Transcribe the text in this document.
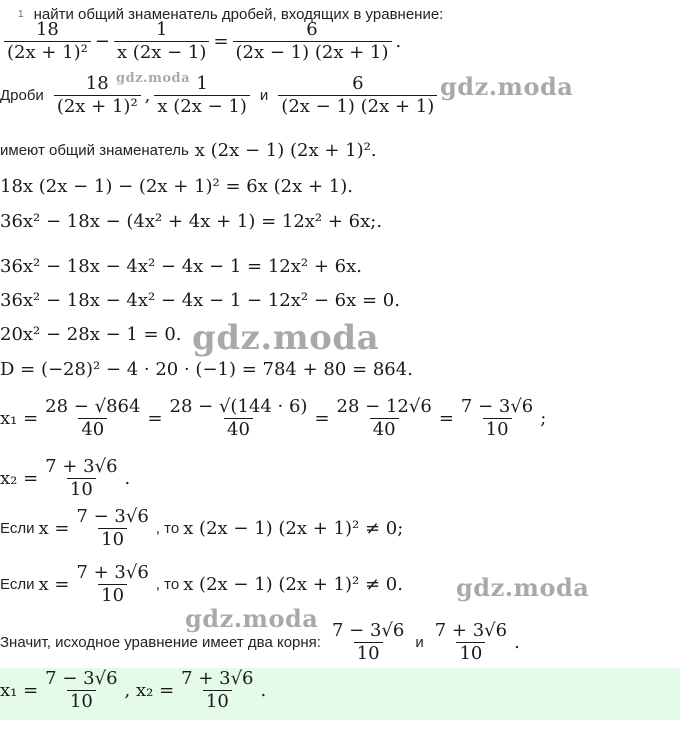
1 найти общий знаменатель дробей, входящих в уравнение:
$\frac{18}{\text{(2x + 1)²}} - \frac{1}{x (2x - 1)} = \frac{6}{(2x - 1) (2x + 1)}$ .
Дроби $\frac{18}{\text{(2x + 1)²}}$ , $\frac{1}{x (2x - 1)}$ и $\frac{6}{(2x - 1) (2x + 1)}$
имеют общий знаменатель x (2x − 1) (2x + 1)².
18x (2x − 1) − (2x + 1)² = 6x (2x + 1).
36x² − 18x − (4x² + 4x + 1) = 12x² + 6x;.
36x² − 18x − 4x² − 4x − 1 = 12x² + 6x.
36x² − 18x − 4x² − 4x − 1 − 12x² − 6x = 0.
20x² − 28x − 1 = 0.
D = (−28)² − 4 · 20 · (−1) = 784 + 80 = 864.
$x_1 = \frac{28 - √864}{40} = \frac{28 - √(144 \cdot 6)}{40} = \frac{28 - 12√6}{40} = \frac{7 - 3√6}{10}$ ;
$x_2 = \frac{7 + 3√6}{10}$ .
Если $x = \frac{7 - 3√6}{10}$ , то x (2x − 1) (2x + 1)² ≠ 0;
Если $x = \frac{7 + 3√6}{10}$ , то x (2x − 1) (2x + 1)² ≠ 0.
Значит, исходное уравнение имеет два корня: $\frac{7 - 3√6}{10}$ и $\frac{7 + 3√6}{10}$ .
$x_1 = \frac{7 - 3√6}{10}$ , $x_2 = \frac{7 + 3√6}{10}$ .
gdz.moda
gdz.moda
gdz.moda
gdz.moda
gdz.moda
